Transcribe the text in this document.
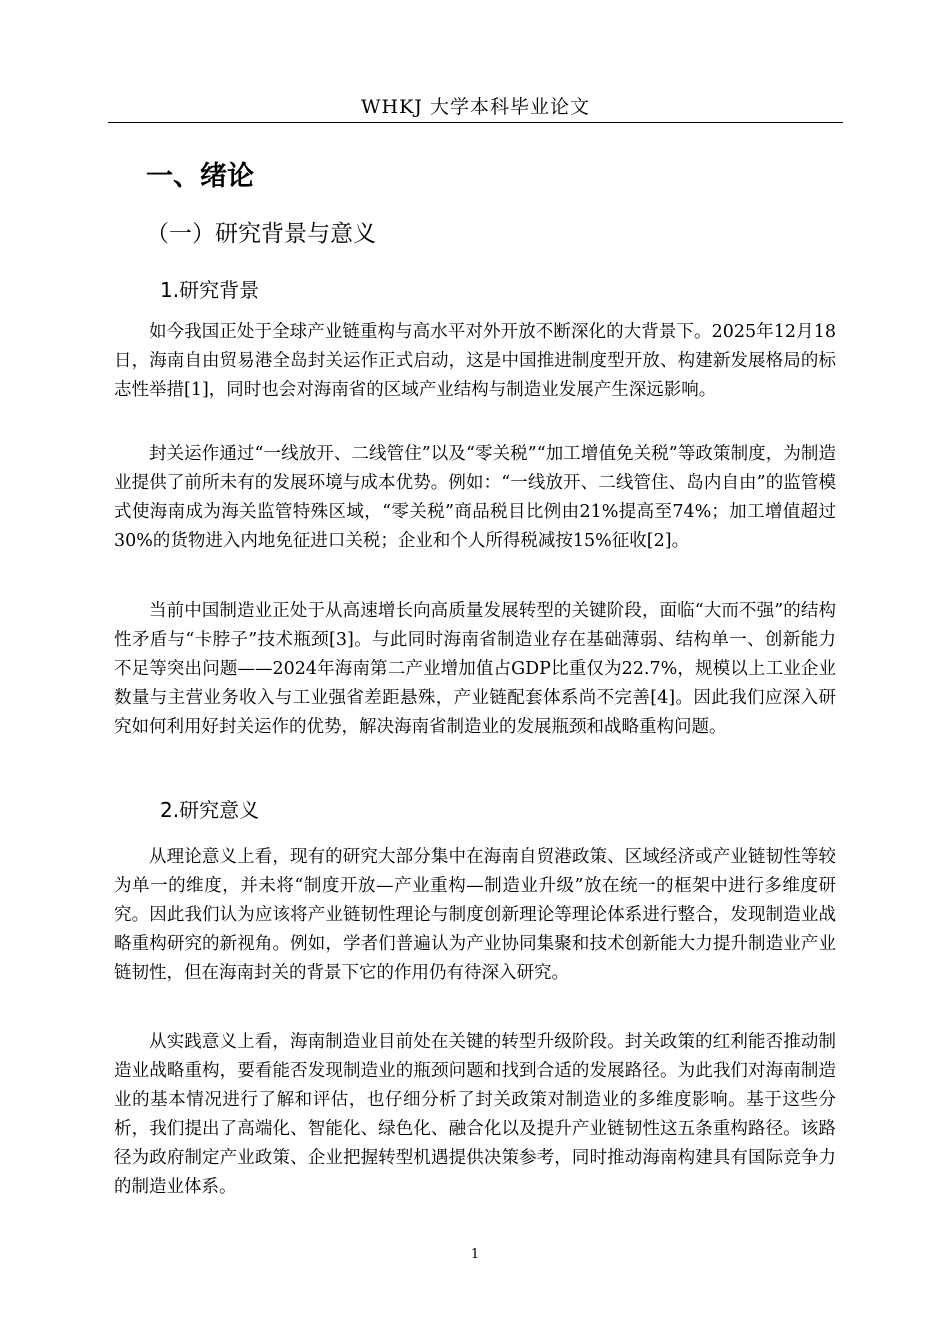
WHKJ 大学本科毕业论文
一、绪论
（一）研究背景与意义
1.研究背景

如今我国正处于全球产业链重构与高水平对外开放不断深化的大背景下。2025年12月18日，海南自由贸易港全岛封关运作正式启动，这是中国推进制度型开放、构建新发展格局的标志性举措[1]，同时也会对海南省的区域产业结构与制造业发展产生深远影响。

封关运作通过“一线放开、二线管住”以及“零关税”“加工增值免关税”等政策制度，为制造业提供了前所未有的发展环境与成本优势。例如：“一线放开、二线管住、岛内自由”的监管模式使海南成为海关监管特殊区域，“零关税”商品税目比例由21%提高至74%；加工增值超过30%的货物进入内地免征进口关税；企业和个人所得税减按15%征收[2]。

当前中国制造业正处于从高速增长向高质量发展转型的关键阶段，面临“大而不强”的结构性矛盾与“卡脖子”技术瓶颈[3]。与此同时海南省制造业存在基础薄弱、结构单一、创新能力不足等突出问题——2024年海南第二产业增加值占GDP比重仅为22.7%，规模以上工业企业数量与主营业务收入与工业强省差距悬殊，产业链配套体系尚不完善[4]。因此我们应深入研究如何利用好封关运作的优势，解决海南省制造业的发展瓶颈和战略重构问题。

2.研究意义

从理论意义上看，现有的研究大部分集中在海南自贸港政策、区域经济或产业链韧性等较为单一的维度，并未将“制度开放—产业重构—制造业升级”放在统一的框架中进行多维度研究。因此我们认为应该将产业链韧性理论与制度创新理论等理论体系进行整合，发现制造业战略重构研究的新视角。例如，学者们普遍认为产业协同集聚和技术创新能大力提升制造业产业链韧性，但在海南封关的背景下它的作用仍有待深入研究。

从实践意义上看，海南制造业目前处在关键的转型升级阶段。封关政策的红利能否推动制造业战略重构，要看能否发现制造业的瓶颈问题和找到合适的发展路径。为此我们对海南制造业的基本情况进行了解和评估，也仔细分析了封关政策对制造业的多维度影响。基于这些分析，我们提出了高端化、智能化、绿色化、融合化以及提升产业链韧性这五条重构路径。该路径为政府制定产业政策、企业把握转型机遇提供决策参考，同时推动海南构建具有国际竞争力的制造业体系。

1
